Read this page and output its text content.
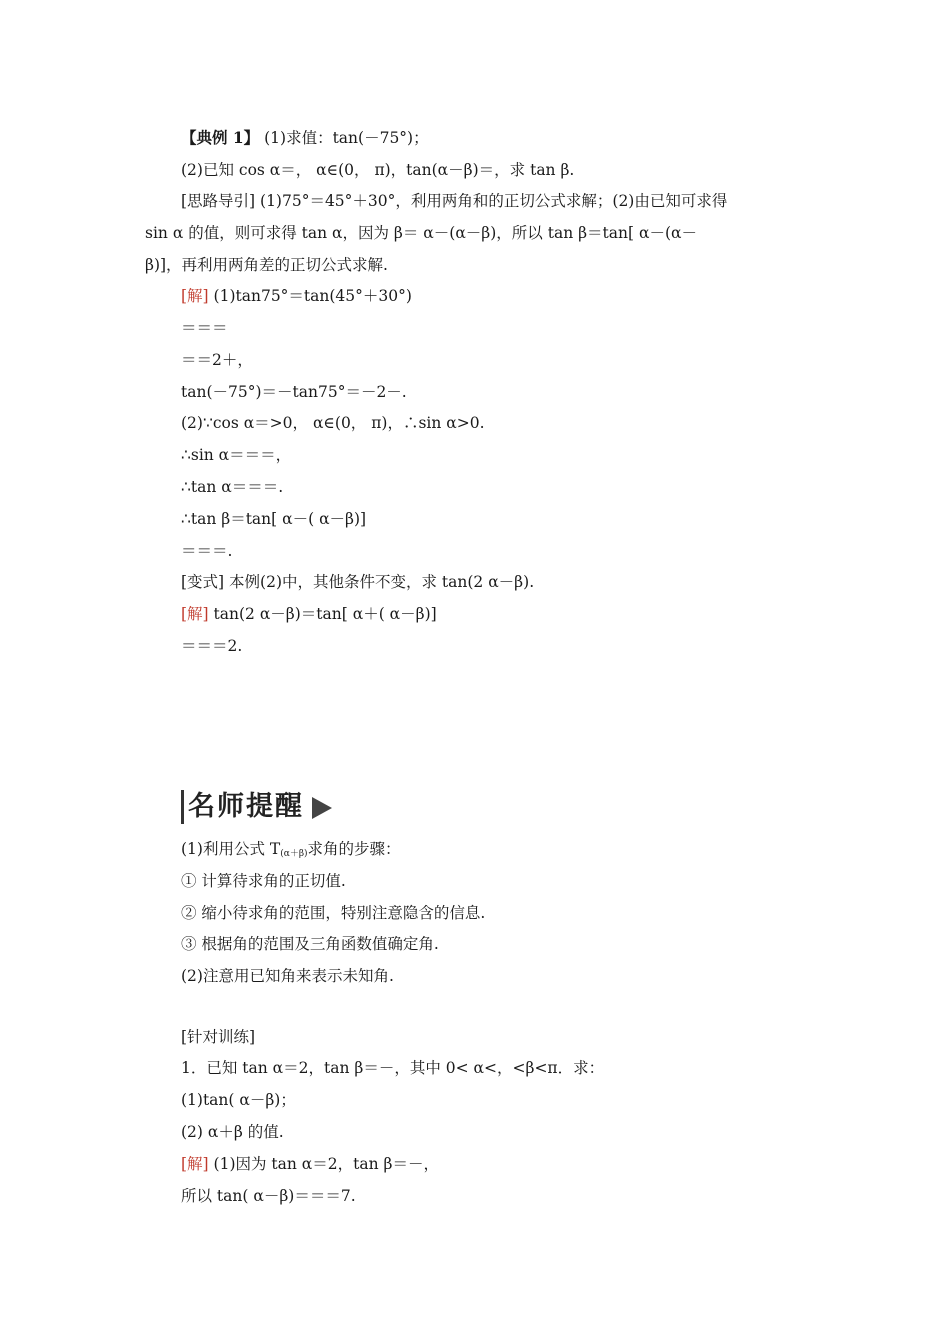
【典例 1】 (1)求值：tan(－75°)；
(2)已知 cos α＝， α∈(0， π)，tan(α－β)＝，求 tan β.
[思路导引] (1)75°＝45°＋30°，利用两角和的正切公式求解；(2)由已知可求得
sin α 的值，则可求得 tan α，因为 β＝ α－(α－β)，所以 tan β＝tan[ α－(α－
β)]，再利用两角差的正切公式求解.
[解] (1)tan75°＝tan(45°＋30°)
＝＝＝
＝＝2＋，
tan(－75°)＝－tan75°＝－2－.
(2)∵cos α＝>0， α∈(0， π)，∴sin α>0.
∴sin α＝＝＝，
∴tan α＝＝＝.
∴tan β＝tan[ α－( α－β)]
＝＝＝.
[变式] 本例(2)中，其他条件不变，求 tan(2 α－β).
[解] tan(2 α－β)＝tan[ α＋( α－β)]
＝＝＝2.
名师提醒
(1)利用公式 $T_{(\alpha+\beta)}$求角的步骤：
① 计算待求角的正切值.
② 缩小待求角的范围，特别注意隐含的信息.
③ 根据角的范围及三角函数值确定角.
(2)注意用已知角来表示未知角.
[针对训练]
1．已知 tan α＝2，tan β＝－，其中 0< α<，<β<π．求：
(1)tan( α－β)；
(2) α＋β 的值.
[解] (1)因为 tan α＝2，tan β＝－，
所以 tan( α－β)＝＝＝7.
